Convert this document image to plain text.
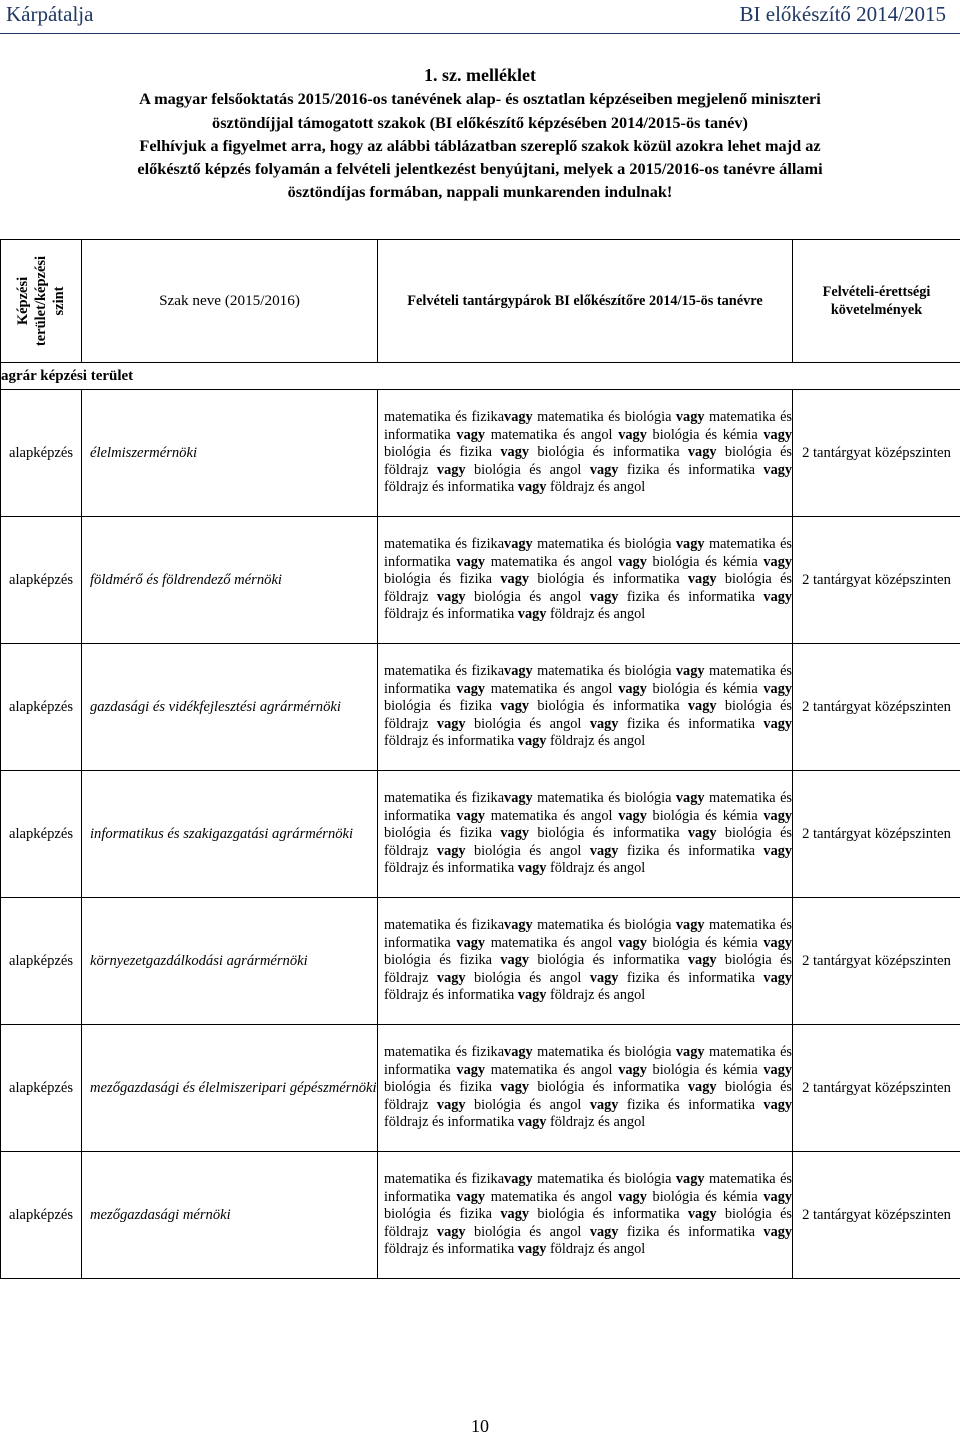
Kárpátalja	BI előkészítő 2014/2015
1. sz. melléklet
A magyar felsőoktatás 2015/2016-os tanévének alap- és osztatlan képzéseiben megjelenő miniszteri
ösztöndíjjal támogatott szakok (BI előkészítő képzésében 2014/2015-ös tanév)
Felhívjuk a figyelmet arra, hogy az alábbi táblázatban szereplő szakok közül azokra lehet majd az
előkésztő képzés folyamán a felvételi jelentkezést benyújtani, melyek a 2015/2016-os tanévre állami
ösztöndíjas formában, nappali munkarenden indulnak!
Képzési terület/képzési szint	Szak neve (2015/2016)	Felvételi tantárgypárok BI előkészítőre 2014/15-ös tanévre	Felvételi-érettségi követelmények
agrár képzési terület			
alapképzés	élelmiszermérnöki	matematika és fizikavagy matematika és biológia vagy matematika és informatika vagy matematika és angol vagy biológia és kémia vagy biológia és fizika vagy biológia és informatika vagy biológia és földrajz vagy biológia és angol vagy fizika és informatika vagy földrajz és informatika vagy földrajz és angol	2 tantárgyat középszinten
alapképzés	földmérő és földrendező mérnöki	matematika és fizikavagy matematika és biológia vagy matematika és informatika vagy matematika és angol vagy biológia és kémia vagy biológia és fizika vagy biológia és informatika vagy biológia és földrajz vagy biológia és angol vagy fizika és informatika vagy földrajz és informatika vagy földrajz és angol	2 tantárgyat középszinten
alapképzés	gazdasági és vidékfejlesztési agrármérnöki	matematika és fizikavagy matematika és biológia vagy matematika és informatika vagy matematika és angol vagy biológia és kémia vagy biológia és fizika vagy biológia és informatika vagy biológia és földrajz vagy biológia és angol vagy fizika és informatika vagy földrajz és informatika vagy földrajz és angol	2 tantárgyat középszinten
alapképzés	informatikus és szakigazgatási agrármérnöki	matematika és fizikavagy matematika és biológia vagy matematika és informatika vagy matematika és angol vagy biológia és kémia vagy biológia és fizika vagy biológia és informatika vagy biológia és földrajz vagy biológia és angol vagy fizika és informatika vagy földrajz és informatika vagy földrajz és angol	2 tantárgyat középszinten
alapképzés	környezetgazdálkodási agrármérnöki	matematika és fizikavagy matematika és biológia vagy matematika és informatika vagy matematika és angol vagy biológia és kémia vagy biológia és fizika vagy biológia és informatika vagy biológia és földrajz vagy biológia és angol vagy fizika és informatika vagy földrajz és informatika vagy földrajz és angol	2 tantárgyat középszinten
alapképzés	mezőgazdasági és élelmiszeripari gépészmérnöki	matematika és fizikavagy matematika és biológia vagy matematika és informatika vagy matematika és angol vagy biológia és kémia vagy biológia és fizika vagy biológia és informatika vagy biológia és földrajz vagy biológia és angol vagy fizika és informatika vagy földrajz és informatika vagy földrajz és angol	2 tantárgyat középszinten
alapképzés	mezőgazdasági mérnöki	matematika és fizikavagy matematika és biológia vagy matematika és informatika vagy matematika és angol vagy biológia és kémia vagy biológia és fizika vagy biológia és informatika vagy biológia és földrajz vagy biológia és angol vagy fizika és informatika vagy földrajz és informatika vagy földrajz és angol	2 tantárgyat középszinten
10
